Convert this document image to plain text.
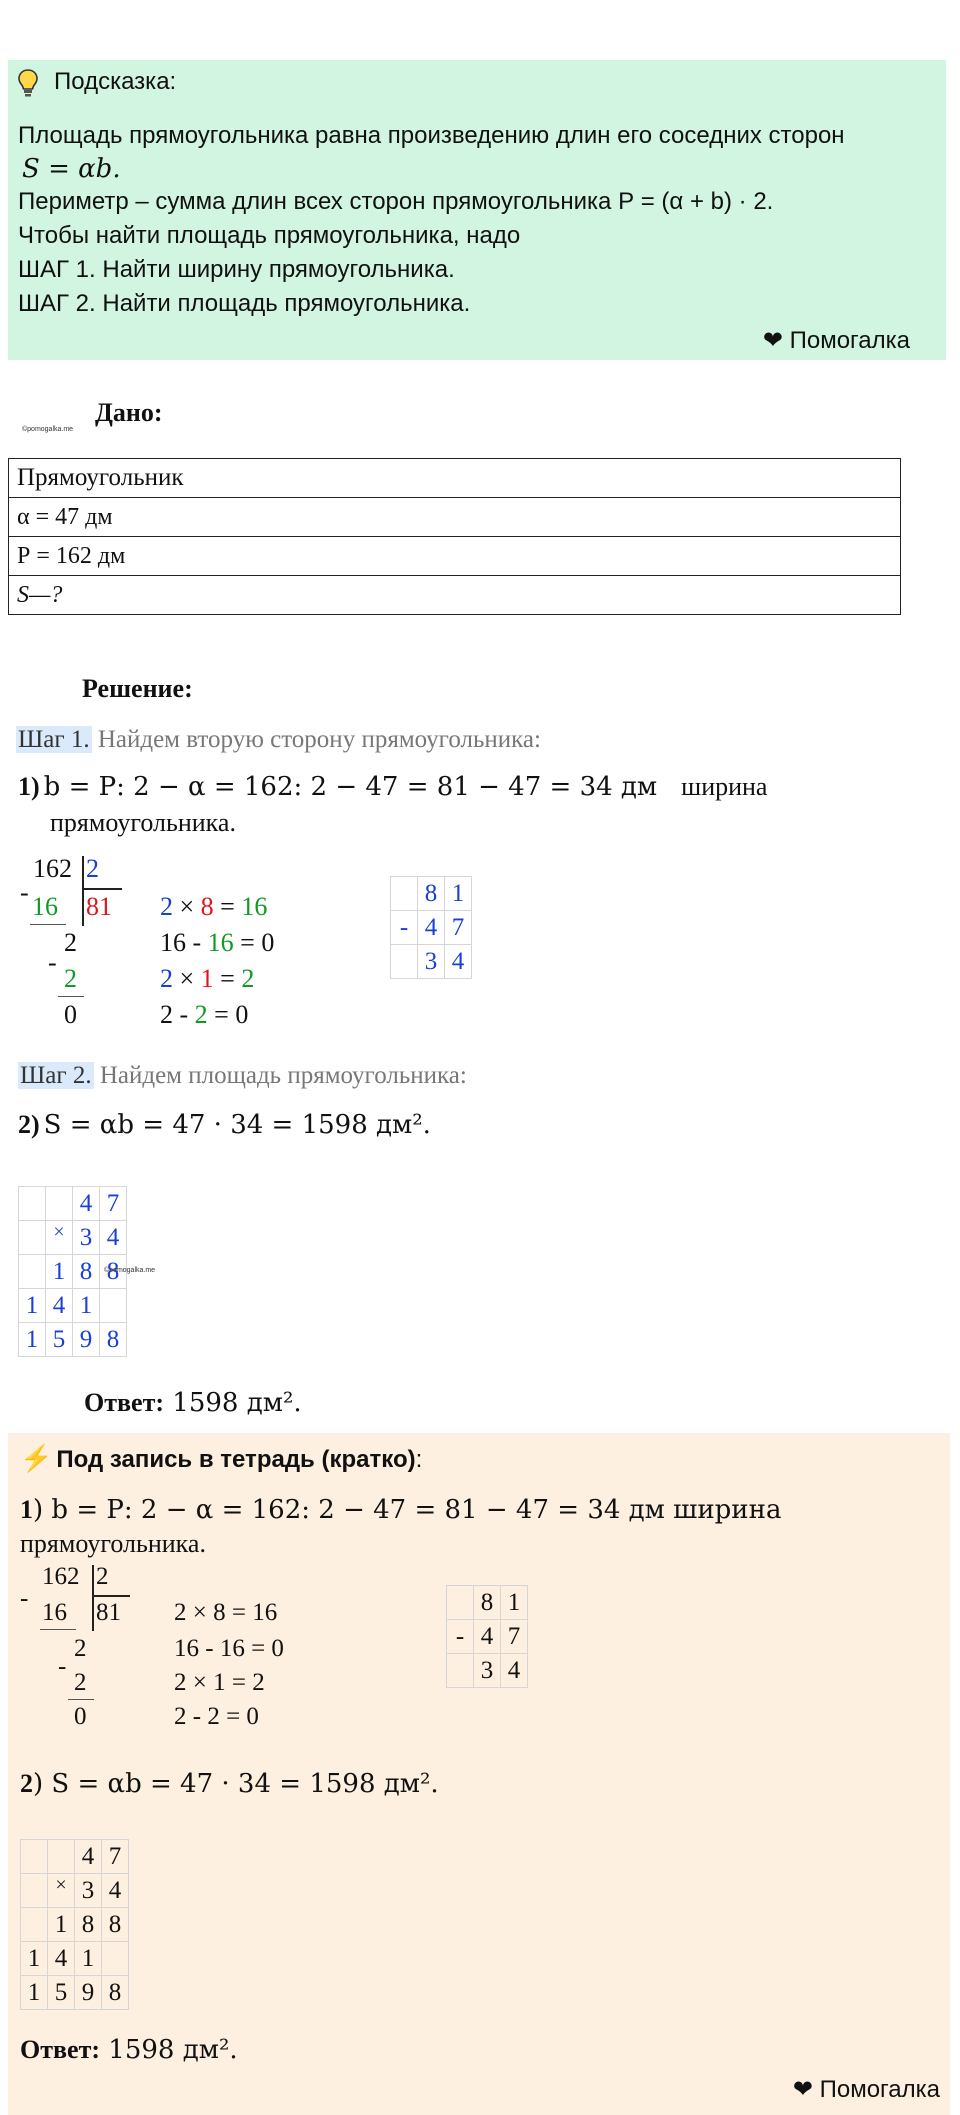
Подсказка:
Площадь прямоугольника равна произведению длин его соседних сторон
S = αb.
Периметр – сумма длин всех сторон прямоугольника Р = (α + b) · 2.
Чтобы найти площадь прямоугольника, надо
ШАГ 1. Найти ширину прямоугольника.
ШАГ 2. Найти площадь прямоугольника.
❤ Помогалка
©pomogalka.me
Дано:
Прямоугольник
α = 47 дм
Р = 162 дм
S—?
Решение:
Шаг 1. Найдем вторую сторону прямоугольника:
1) b = Р: 2 − α = 162: 2 − 47 = 81 − 47 = 34 дм ширина
прямоугольника.
162 2
- 16 81
2
-
2
0
2 × 8 = 16
16 - 16 = 0
2 × 1 = 2
2 - 2 = 0
	8	1
-	4	7
	3	4
Шаг 2. Найдем площадь прямоугольника:
2) S = αb = 47 · 34 = 1598 дм².
		4	7
	×	3	4
	1	8	8
1	4	1	
1	5	9	8
©pomogalka.me
Ответ: 1598 дм².
⚡ Под запись в тетрадь (кратко):
1) b = Р: 2 − α = 162: 2 − 47 = 81 − 47 = 34 дм ширина
прямоугольника.
162 2
-
16 81
2
-
2
0
2 × 8 = 16
16 - 16 = 0
2 × 1 = 2
2 - 2 = 0
	8	1
-	4	7
	3	4
2) S = αb = 47 · 34 = 1598 дм².
		4	7
	×	3	4
	1	8	8
1	4	1	
1	5	9	8
Ответ: 1598 дм².
❤ Помогалка
